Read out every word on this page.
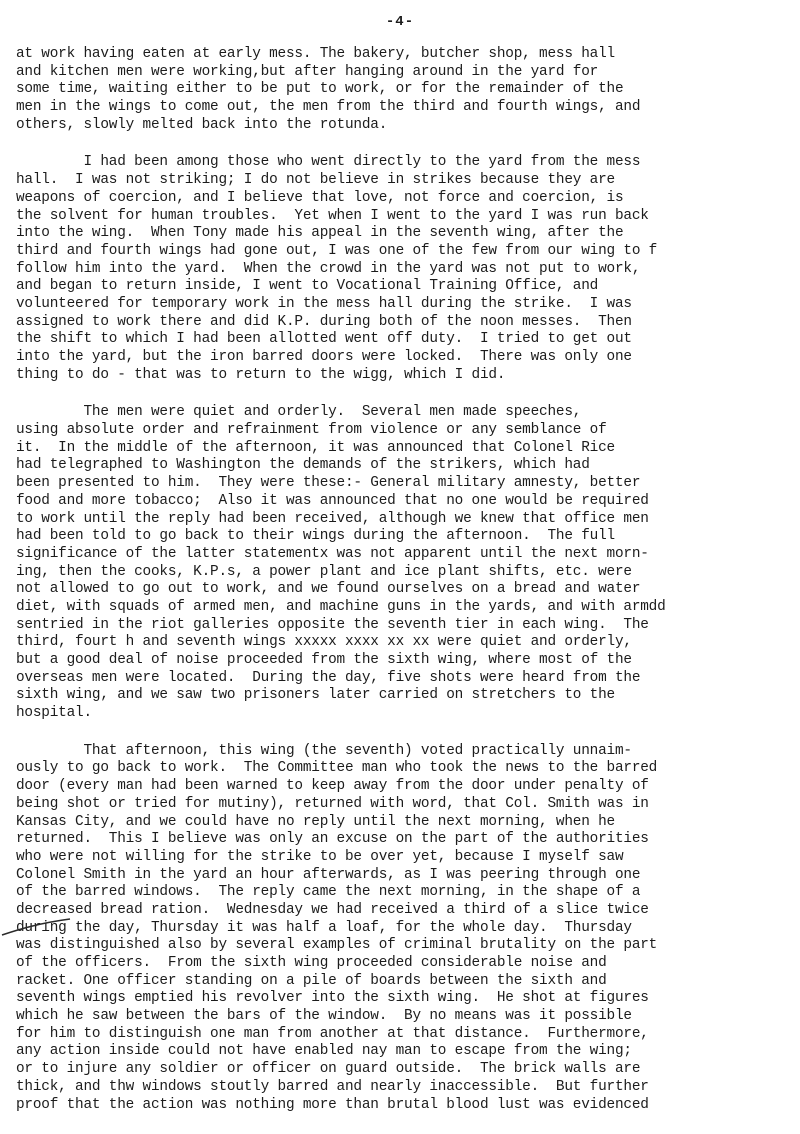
-4-
at work having eaten at early mess. The bakery, butcher shop, mess hall
and kitchen men were working,but after hanging around in the yard for
some time, waiting either to be put to work, or for the remainder of the
men in the wings to come out, the men from the third and fourth wings, and
others, slowly melted back into the rotunda.
I had been among those who went directly to the yard from the mess
hall.  I was not striking; I do not believe in strikes because they are
weapons of coercion, and I believe that love, not force and coercion, is
the solvent for human troubles.  Yet when I went to the yard I was run back
into the wing.  When Tony made his appeal in the seventh wing, after the
third and fourth wings had gone out, I was one of the few from our wing to f
follow him into the yard.  When the crowd in the yard was not put to work,
and began to return inside, I went to Vocational Training Office, and
volunteered for temporary work in the mess hall during the strike.  I was
assigned to work there and did K.P. during both of the noon messes.  Then
the shift to which I had been allotted went off duty.  I tried to get out
into the yard, but the iron barred doors were locked.  There was only one
thing to do - that was to return to the wigg, which I did.
The men were quiet and orderly.  Several men made speeches,
using absolute order and refrainment from violence or any semblance of
it.  In the middle of the afternoon, it was announced that Colonel Rice
had telegraphed to Washington the demands of the strikers, which had
been presented to him.  They were these:- General military amnesty, better
food and more tobacco;  Also it was announced that no one would be required
to work until the reply had been received, although we knew that office men
had been told to go back to their wings during the afternoon.  The full
significance of the latter statementx was not apparent until the next morn-
ing, then the cooks, K.P.s, a power plant and ice plant shifts, etc. were
not allowed to go out to work, and we found ourselves on a bread and water
diet, with squads of armed men, and machine guns in the yards, and with armdd
sentried in the riot galleries opposite the seventh tier in each wing.  The
third, fourt h and seventh wings xxxxx xxxx xx xx were quiet and orderly,
but a good deal of noise proceeded from the sixth wing, where most of the
overseas men were located.  During the day, five shots were heard from the
sixth wing, and we saw two prisoners later carried on stretchers to the
hospital.
That afternoon, this wing (the seventh) voted practically unnaim-
ously to go back to work.  The Committee man who took the news to the barred
door (every man had been warned to keep away from the door under penalty of
being shot or tried for mutiny), returned with word, that Col. Smith was in
Kansas City, and we could have no reply until the next morning, when he
returned.  This I believe was only an excuse on the part of the authorities
who were not willing for the strike to be over yet, because I myself saw
Colonel Smith in the yard an hour afterwards, as I was peering through one
of the barred windows.  The reply came the next morning, in the shape of a
decreased bread ration.  Wednesday we had received a third of a slice twice
during the day, Thursday it was half a loaf, for the whole day.  Thursday
was distinguished also by several examples of criminal brutality on the part
of the officers.  From the sixth wing proceeded considerable noise and
racket. One officer standing on a pile of boards between the sixth and
seventh wings emptied his revolver into the sixth wing.  He shot at figures
which he saw between the bars of the window.  By no means was it possible
for him to distinguish one man from another at that distance.  Furthermore,
any action inside could not have enabled nay man to escape from the wing;
or to injure any soldier or officer on guard outside.  The brick walls are
thick, and thw windows stoutly barred and nearly inaccessible.  But further
proof that the action was nothing more than brutal blood lust was evidenced
